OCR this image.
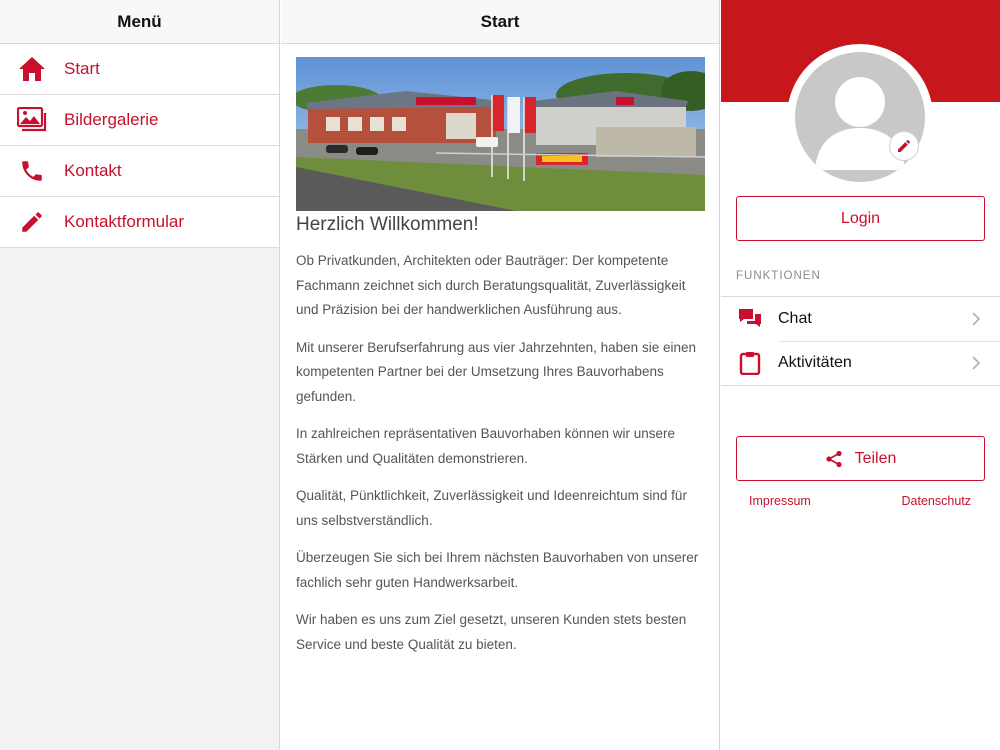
Menü
Start
Bildergalerie
Kontakt
Kontaktformular
Start
Herzlich Willkommen!

Ob Privatkunden, Architekten oder Bauträger: Der kompetente Fachmann zeichnet sich durch Beratungsqualität, Zuverlässigkeit und Präzision bei der handwerklichen Ausführung aus.

Mit unserer Berufserfahrung aus vier Jahrzehnten, haben sie einen kompetenten Partner bei der Umsetzung Ihres Bauvorhabens gefunden.

In zahlreichen repräsentativen Bauvorhaben können wir unsere Stärken und Qualitäten demonstrieren.

Qualität, Pünktlichkeit, Zuverlässigkeit und Ideenreichtum sind für uns selbstverständlich.

Überzeugen Sie sich bei Ihrem nächsten Bauvorhaben von unserer fachlich sehr guten Handwerksarbeit.

Wir haben es uns zum Ziel gesetzt, unseren Kunden stets besten Service und beste Qualität zu bieten.

Login
FUNKTIONEN
Chat
Aktivitäten
Teilen
Impressum	Datenschutz
